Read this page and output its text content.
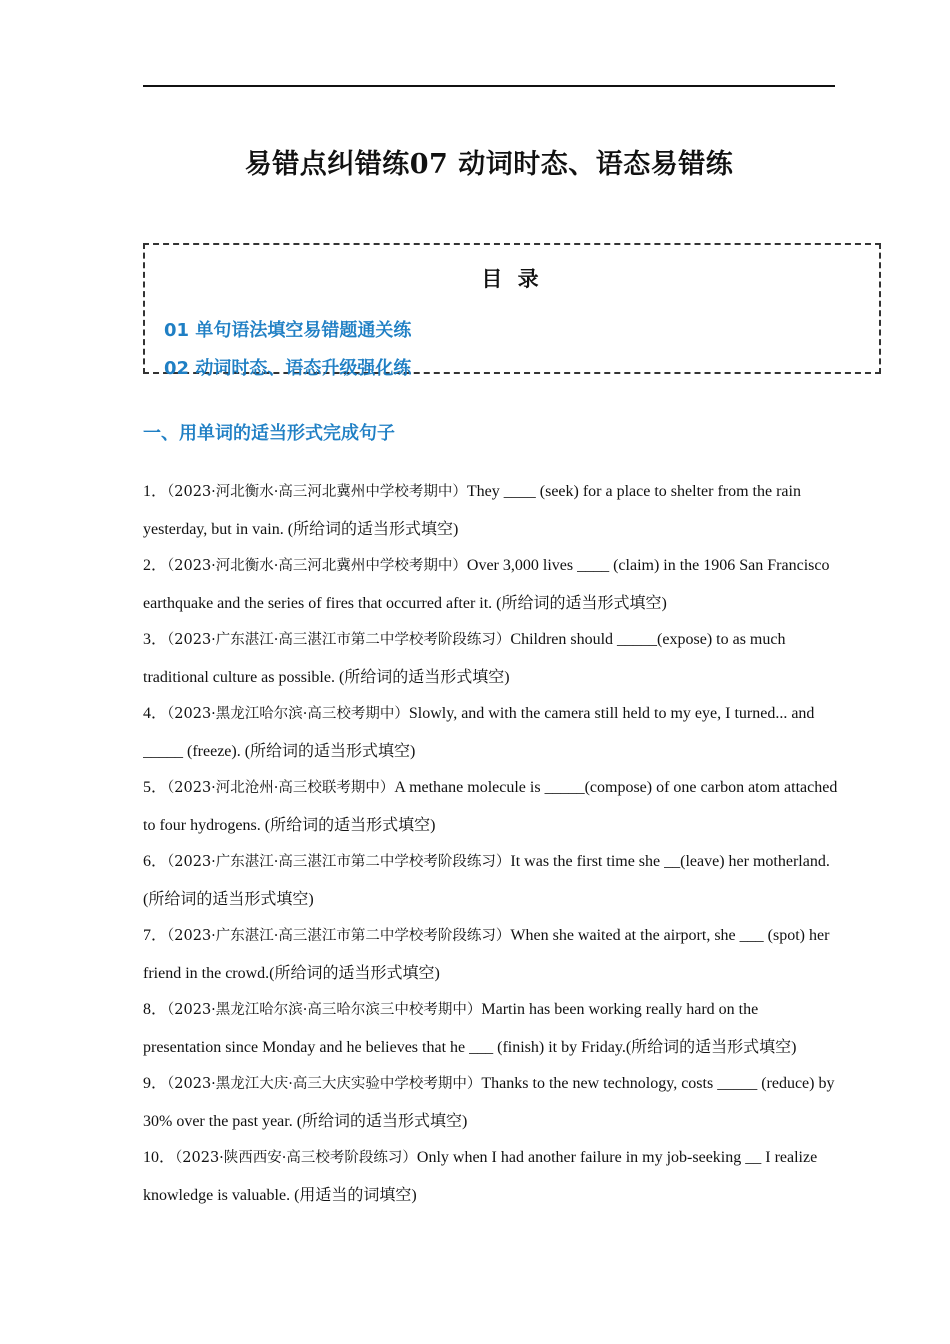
易错点纠错练07 动词时态、语态易错练
目 录
01 单句语法填空易错题通关练
02 动词时态、语态升级强化练
一、用单词的适当形式完成句子
1．（2023·河北衡水·高三河北冀州中学校考期中）They ____ (seek) for a place to shelter from the rain yesterday, but in vain. (所给词的适当形式填空)
2．（2023·河北衡水·高三河北冀州中学校考期中）Over 3,000 lives ____ (claim) in the 1906 San Francisco earthquake and the series of fires that occurred after it. (所给词的适当形式填空)
3．（2023·广东湛江·高三湛江市第二中学校考阶段练习）Children should _____(expose) to as much traditional culture as possible. (所给词的适当形式填空)
4．（2023·黑龙江哈尔滨·高三校考期中）Slowly, and with the camera still held to my eye, I turned... and _____ (freeze). (所给词的适当形式填空)
5．（2023·河北沧州·高三校联考期中）A methane molecule is _____(compose) of one carbon atom attached to four hydrogens. (所给词的适当形式填空)
6．（2023·广东湛江·高三湛江市第二中学校考阶段练习）It was the first time she __(leave) her motherland. (所给词的适当形式填空)
7．（2023·广东湛江·高三湛江市第二中学校考阶段练习）When she waited at the airport, she ___ (spot) her friend in the crowd.(所给词的适当形式填空)
8．（2023·黑龙江哈尔滨·高三哈尔滨三中校考期中）Martin has been working really hard on the presentation since Monday and he believes that he ___ (finish) it by Friday.(所给词的适当形式填空)
9．（2023·黑龙江大庆·高三大庆实验中学校考期中）Thanks to the new technology, costs _____ (reduce) by 30% over the past year. (所给词的适当形式填空)
10．（2023·陕西西安·高三校考阶段练习）Only when I had another failure in my job-seeking __ I realize knowledge is valuable. (用适当的词填空)
